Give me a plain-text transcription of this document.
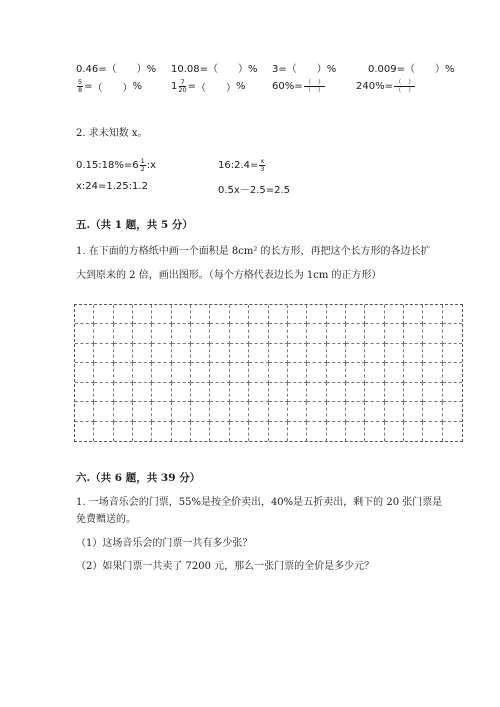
0.46=（　　）% 10.08=（　　）% 3=（　　）%	0.009=（　　）%
$\frac{5}{8}$ = （　　） %	$1 \frac{7}{20}$ = （　　） %	$60\%= \frac{( )}{( )}$	$240\%= \frac{( )}{( )}$
2. 求未知数 x。
0.15:18%=6 $\frac{1}{2}$ :x	16:2.4= $\frac{x}{3}$
x:24=1.25:1.2	0.5x－2.5=2.5
五.（共 1 题，共 5 分）
1. 在下面的方格纸中画一个面积是 8cm² 的长方形，再把这个长方形的各边长扩
大到原来的 2 倍，画出图形。（每个方格代表边长为 1cm 的正方形）
六.（共 6 题，共 39 分）
1. 一场音乐会的门票，55%是按全价卖出，40%是五折卖出，剩下的 20 张门票是
免费赠送的。
（1）这场音乐会的门票一共有多少张？
（2）如果门票一共卖了 7200 元，那么一张门票的全价是多少元？
